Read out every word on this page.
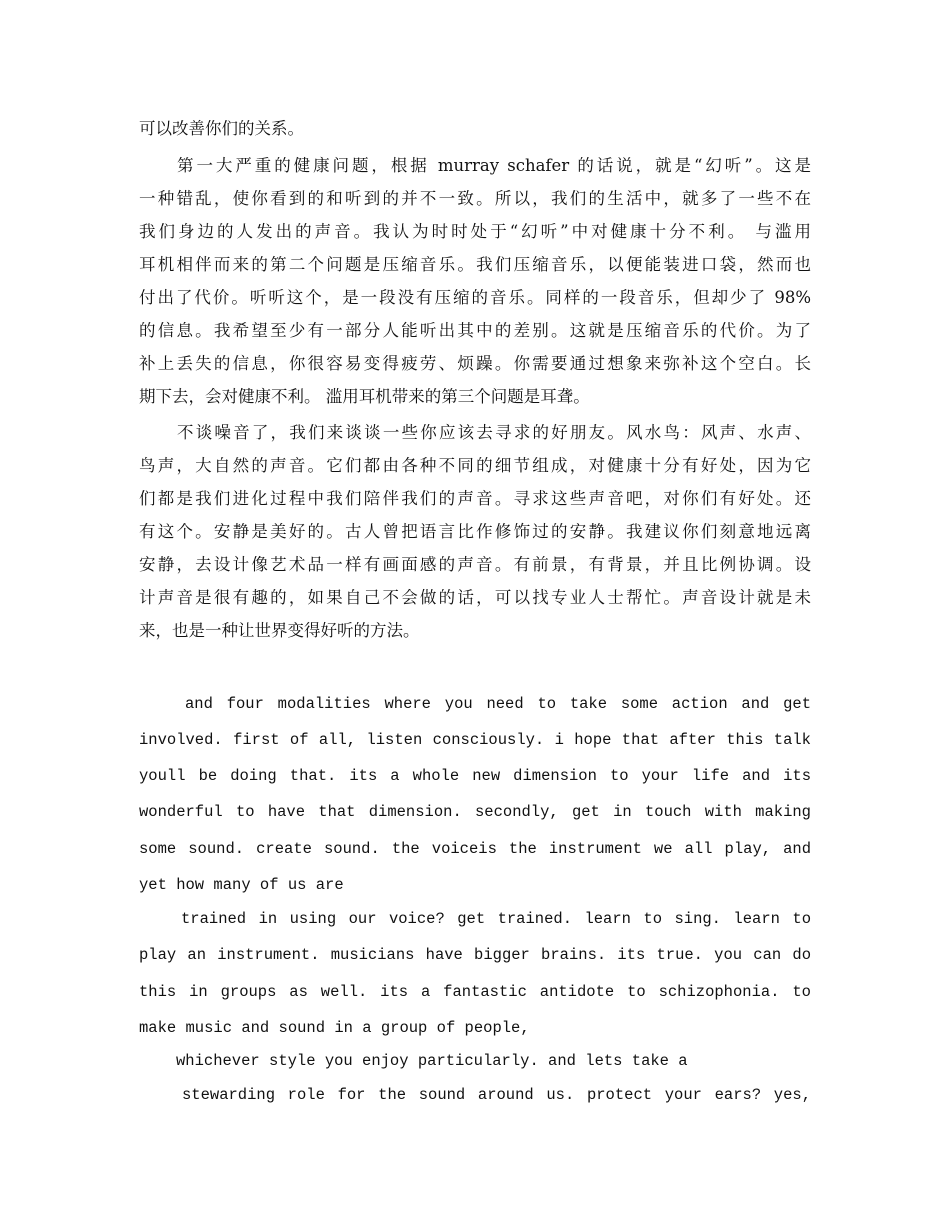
可以改善你们的关系。

第一大严重的健康问题，根据 murray schafer 的话说，就是“幻听”。这是

一种错乱，使你看到的和听到的并不一致。所以，我们的生活中，就多了一些不在

我们身边的人发出的声音。我认为时时处于“幻听”中对健康十分不利。 与滥用

耳机相伴而来的第二个问题是压缩音乐。我们压缩音乐，以便能装进口袋，然而也

付出了代价。听听这个，是一段没有压缩的音乐。同样的一段音乐，但却少了 98%

的信息。我希望至少有一部分人能听出其中的差别。这就是压缩音乐的代价。为了

补上丢失的信息，你很容易变得疲劳、烦躁。你需要通过想象来弥补这个空白。长

期下去，会对健康不利。 滥用耳机带来的第三个问题是耳聋。

不谈噪音了，我们来谈谈一些你应该去寻求的好朋友。风水鸟：风声、水声、

鸟声，大自然的声音。它们都由各种不同的细节组成，对健康十分有好处，因为它

们都是我们进化过程中我们陪伴我们的声音。寻求这些声音吧，对你们有好处。还

有这个。安静是美好的。古人曾把语言比作修饰过的安静。我建议你们刻意地远离

安静，去设计像艺术品一样有画面感的声音。有前景，有背景，并且比例协调。设

计声音是很有趣的，如果自己不会做的话，可以找专业人士帮忙。声音设计就是未

来，也是一种让世界变得好听的方法。

and four modalities where you need to take some action and get

involved. first of all, listen consciously. i hope that after this talk

youll be doing that. its a whole new dimension to your life and its

wonderful to have that dimension. secondly, get in touch with making

some sound. create sound. the voiceis the instrument we all play, and

yet how many of us are

trained in using our voice? get trained. learn to sing. learn to

play an instrument. musicians have bigger brains. its true. you can do

this in groups as well. its a fantastic antidote to schizophonia. to

make music and sound in a group of people,

whichever style you enjoy particularly. and lets take a

stewarding role for the sound around us. protect your ears? yes,
